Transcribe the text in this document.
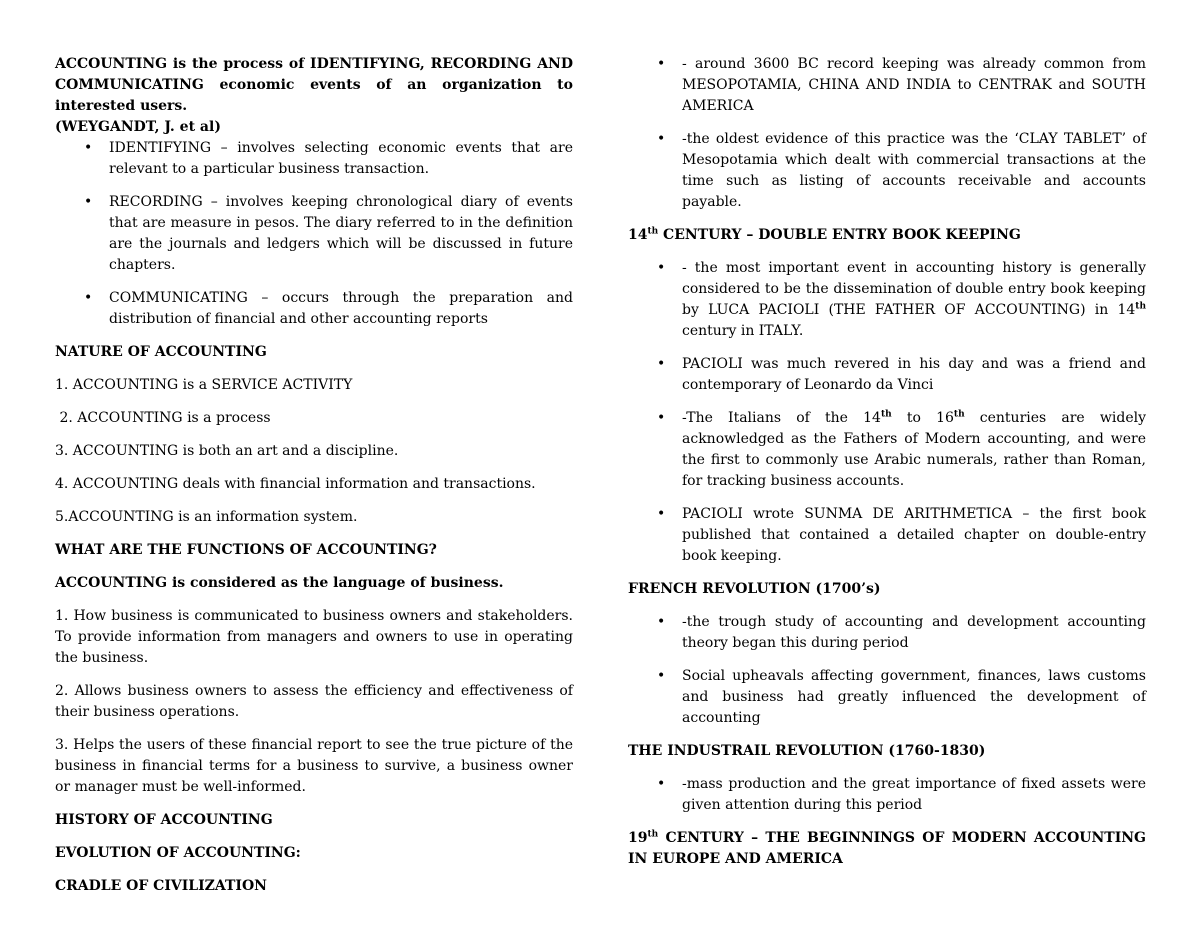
ACCOUNTING is the process of IDENTIFYING, RECORDING AND COMMUNICATING economic events of an organization to interested users.

(WEYGANDT, J. et al)

• IDENTIFYING – involves selecting economic events that are relevant to a particular business transaction.
• RECORDING – involves keeping chronological diary of events that are measure in pesos. The diary referred to in the definition are the journals and ledgers which will be discussed in future chapters.
• COMMUNICATING – occurs through the preparation and distribution of financial and other accounting reports

NATURE OF ACCOUNTING

1. ACCOUNTING is a SERVICE ACTIVITY

2. ACCOUNTING is a process

3. ACCOUNTING is both an art and a discipline.

4. ACCOUNTING deals with financial information and transactions.

5.ACCOUNTING is an information system.

WHAT ARE THE FUNCTIONS OF ACCOUNTING?

ACCOUNTING is considered as the language of business.

1. How business is communicated to business owners and stakeholders. To provide information from managers and owners to use in operating the business.

2. Allows business owners to assess the efficiency and effectiveness of their business operations.

3. Helps the users of these financial report to see the true picture of the business in financial terms for a business to survive, a business owner or manager must be well-informed.

HISTORY OF ACCOUNTING

EVOLUTION OF ACCOUNTING:

CRADLE OF CIVILIZATION

• - around 3600 BC record keeping was already common from MESOPOTAMIA, CHINA AND INDIA to CENTRAK and SOUTH AMERICA
• -the oldest evidence of this practice was the ‘CLAY TABLET’ of Mesopotamia which dealt with commercial transactions at the time such as listing of accounts receivable and accounts payable.

14th CENTURY – DOUBLE ENTRY BOOK KEEPING

• - the most important event in accounting history is generally considered to be the dissemination of double entry book keeping by LUCA PACIOLI (THE FATHER OF ACCOUNTING) in 14th century in ITALY.
• PACIOLI was much revered in his day and was a friend and contemporary of Leonardo da Vinci
• -The Italians of the 14th to 16th centuries are widely acknowledged as the Fathers of Modern accounting, and were the first to commonly use Arabic numerals, rather than Roman, for tracking business accounts.
• PACIOLI wrote SUNMA DE ARITHMETICA – the first book published that contained a detailed chapter on double-entry book keeping.

FRENCH REVOLUTION (1700’s)

• -the trough study of accounting and development accounting theory began this during period
• Social upheavals affecting government, finances, laws customs and business had greatly influenced the development of accounting

THE INDUSTRAIL REVOLUTION (1760-1830)

• -mass production and the great importance of fixed assets were given attention during this period

19th CENTURY – THE BEGINNINGS OF MODERN ACCOUNTING IN EUROPE AND AMERICA
